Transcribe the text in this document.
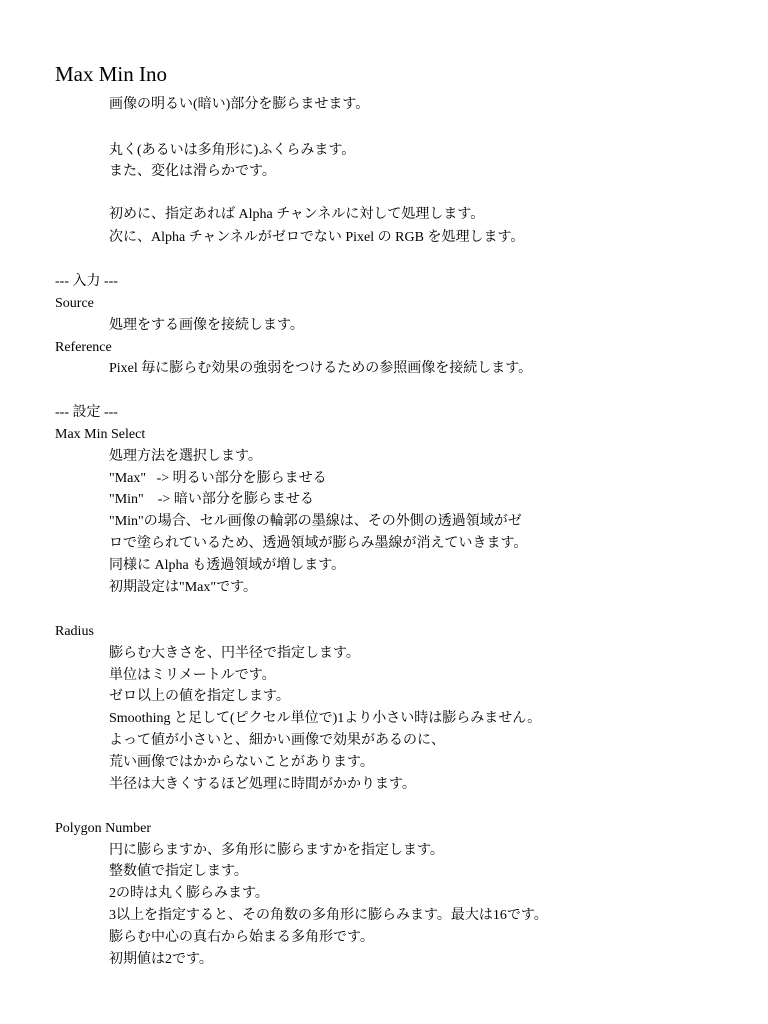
Max Min Ino

画像の明るい(暗い)部分を膨らませます。

丸く(あるいは多角形に)ふくらみます。

また、変化は滑らかです。

初めに、指定あれば Alpha チャンネルに対して処理します。

次に、Alpha チャンネルがゼロでない Pixel の RGB を処理します。

--- 入力 ---

Source

処理をする画像を接続します。

Reference

Pixel 毎に膨らむ効果の強弱をつけるための参照画像を接続します。

--- 設定 ---

Max Min Select

処理方法を選択します。

"Max"   -> 明るい部分を膨らませる

"Min"    -> 暗い部分を膨らませる

"Min"の場合、セル画像の輪郭の墨線は、その外側の透過領域がゼ

ロで塗られているため、透過領域が膨らみ墨線が消えていきます。

同様に Alpha も透過領域が増します。

初期設定は"Max"です。

Radius

膨らむ大きさを、円半径で指定します。

単位はミリメートルです。

ゼロ以上の値を指定します。

Smoothing と足して(ピクセル単位で)1より小さい時は膨らみません。

よって値が小さいと、細かい画像で効果があるのに、

荒い画像ではかからないことがあります。

半径は大きくするほど処理に時間がかかります。

Polygon Number

円に膨らますか、多角形に膨らますかを指定します。

整数値で指定します。

2の時は丸く膨らみます。

3以上を指定すると、その角数の多角形に膨らみます。最大は16です。

膨らむ中心の真右から始まる多角形です。

初期値は2です。
